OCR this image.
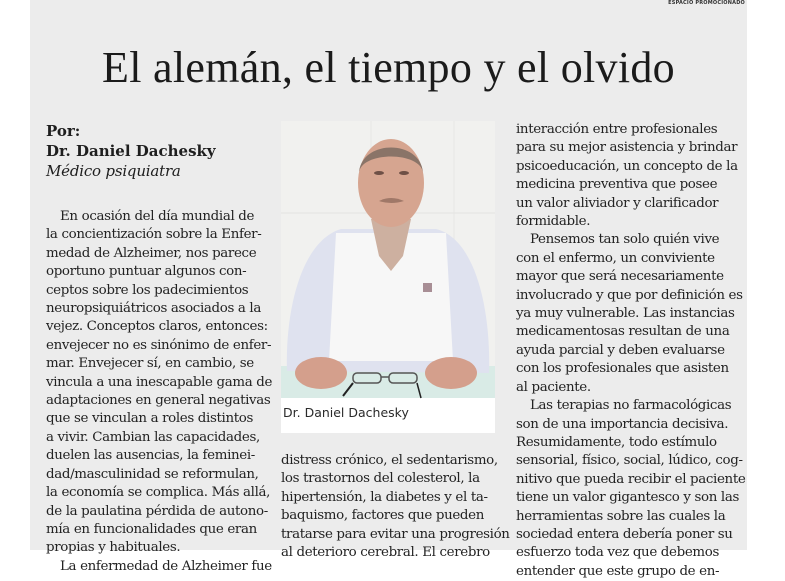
ESPACIO PROMOCIONADO
El alemán, el tiempo y el olvido
Por:
Dr. Daniel Dachesky
Médico psiquiatra
En ocasión del día mundial de
la concientización sobre la Enfer-
medad de Alzheimer, nos parece
oportuno puntuar algunos con-
ceptos sobre los padecimientos
neuropsiquiátricos asociados a la
vejez. Conceptos claros, entonces:
envejecer no es sinónimo de enfer-
mar. Envejecer sí, en cambio, se
vincula a una inescapable gama de
adaptaciones en general negativas
que se vinculan a roles distintos
a vivir. Cambian las capacidades,
duelen las ausencias, la feminei-
dad/masculinidad se reformulan,
la economía se complica. Más allá,
de la paulatina pérdida de autono-
mía en funcionalidades que eran
propias y habituales.
La enfermedad de Alzheimer fue
Dr. Daniel Dachesky
distress crónico, el sedentarismo,
los trastornos del colesterol, la
hipertensión, la diabetes y el ta-
baquismo, factores que pueden
tratarse para evitar una progresión
al deterioro cerebral. El cerebro
interacción entre profesionales
para su mejor asistencia y brindar
psicoeducación, un concepto de la
medicina preventiva que posee
un valor aliviador y clarificador
formidable.
Pensemos tan solo quién vive
con el enfermo, un conviviente
mayor que será necesariamente
involucrado y que por definición es
ya muy vulnerable. Las instancias
medicamentosas resultan de una
ayuda parcial y deben evaluarse
con los profesionales que asisten
al paciente.
Las terapias no farmacológicas
son de una importancia decisiva.
Resumidamente, todo estímulo
sensorial, físico, social, lúdico, cog-
nitivo que pueda recibir el paciente
tiene un valor gigantesco y son las
herramientas sobre las cuales la
sociedad entera debería poner su
esfuerzo toda vez que debemos
entender que este grupo de en-
